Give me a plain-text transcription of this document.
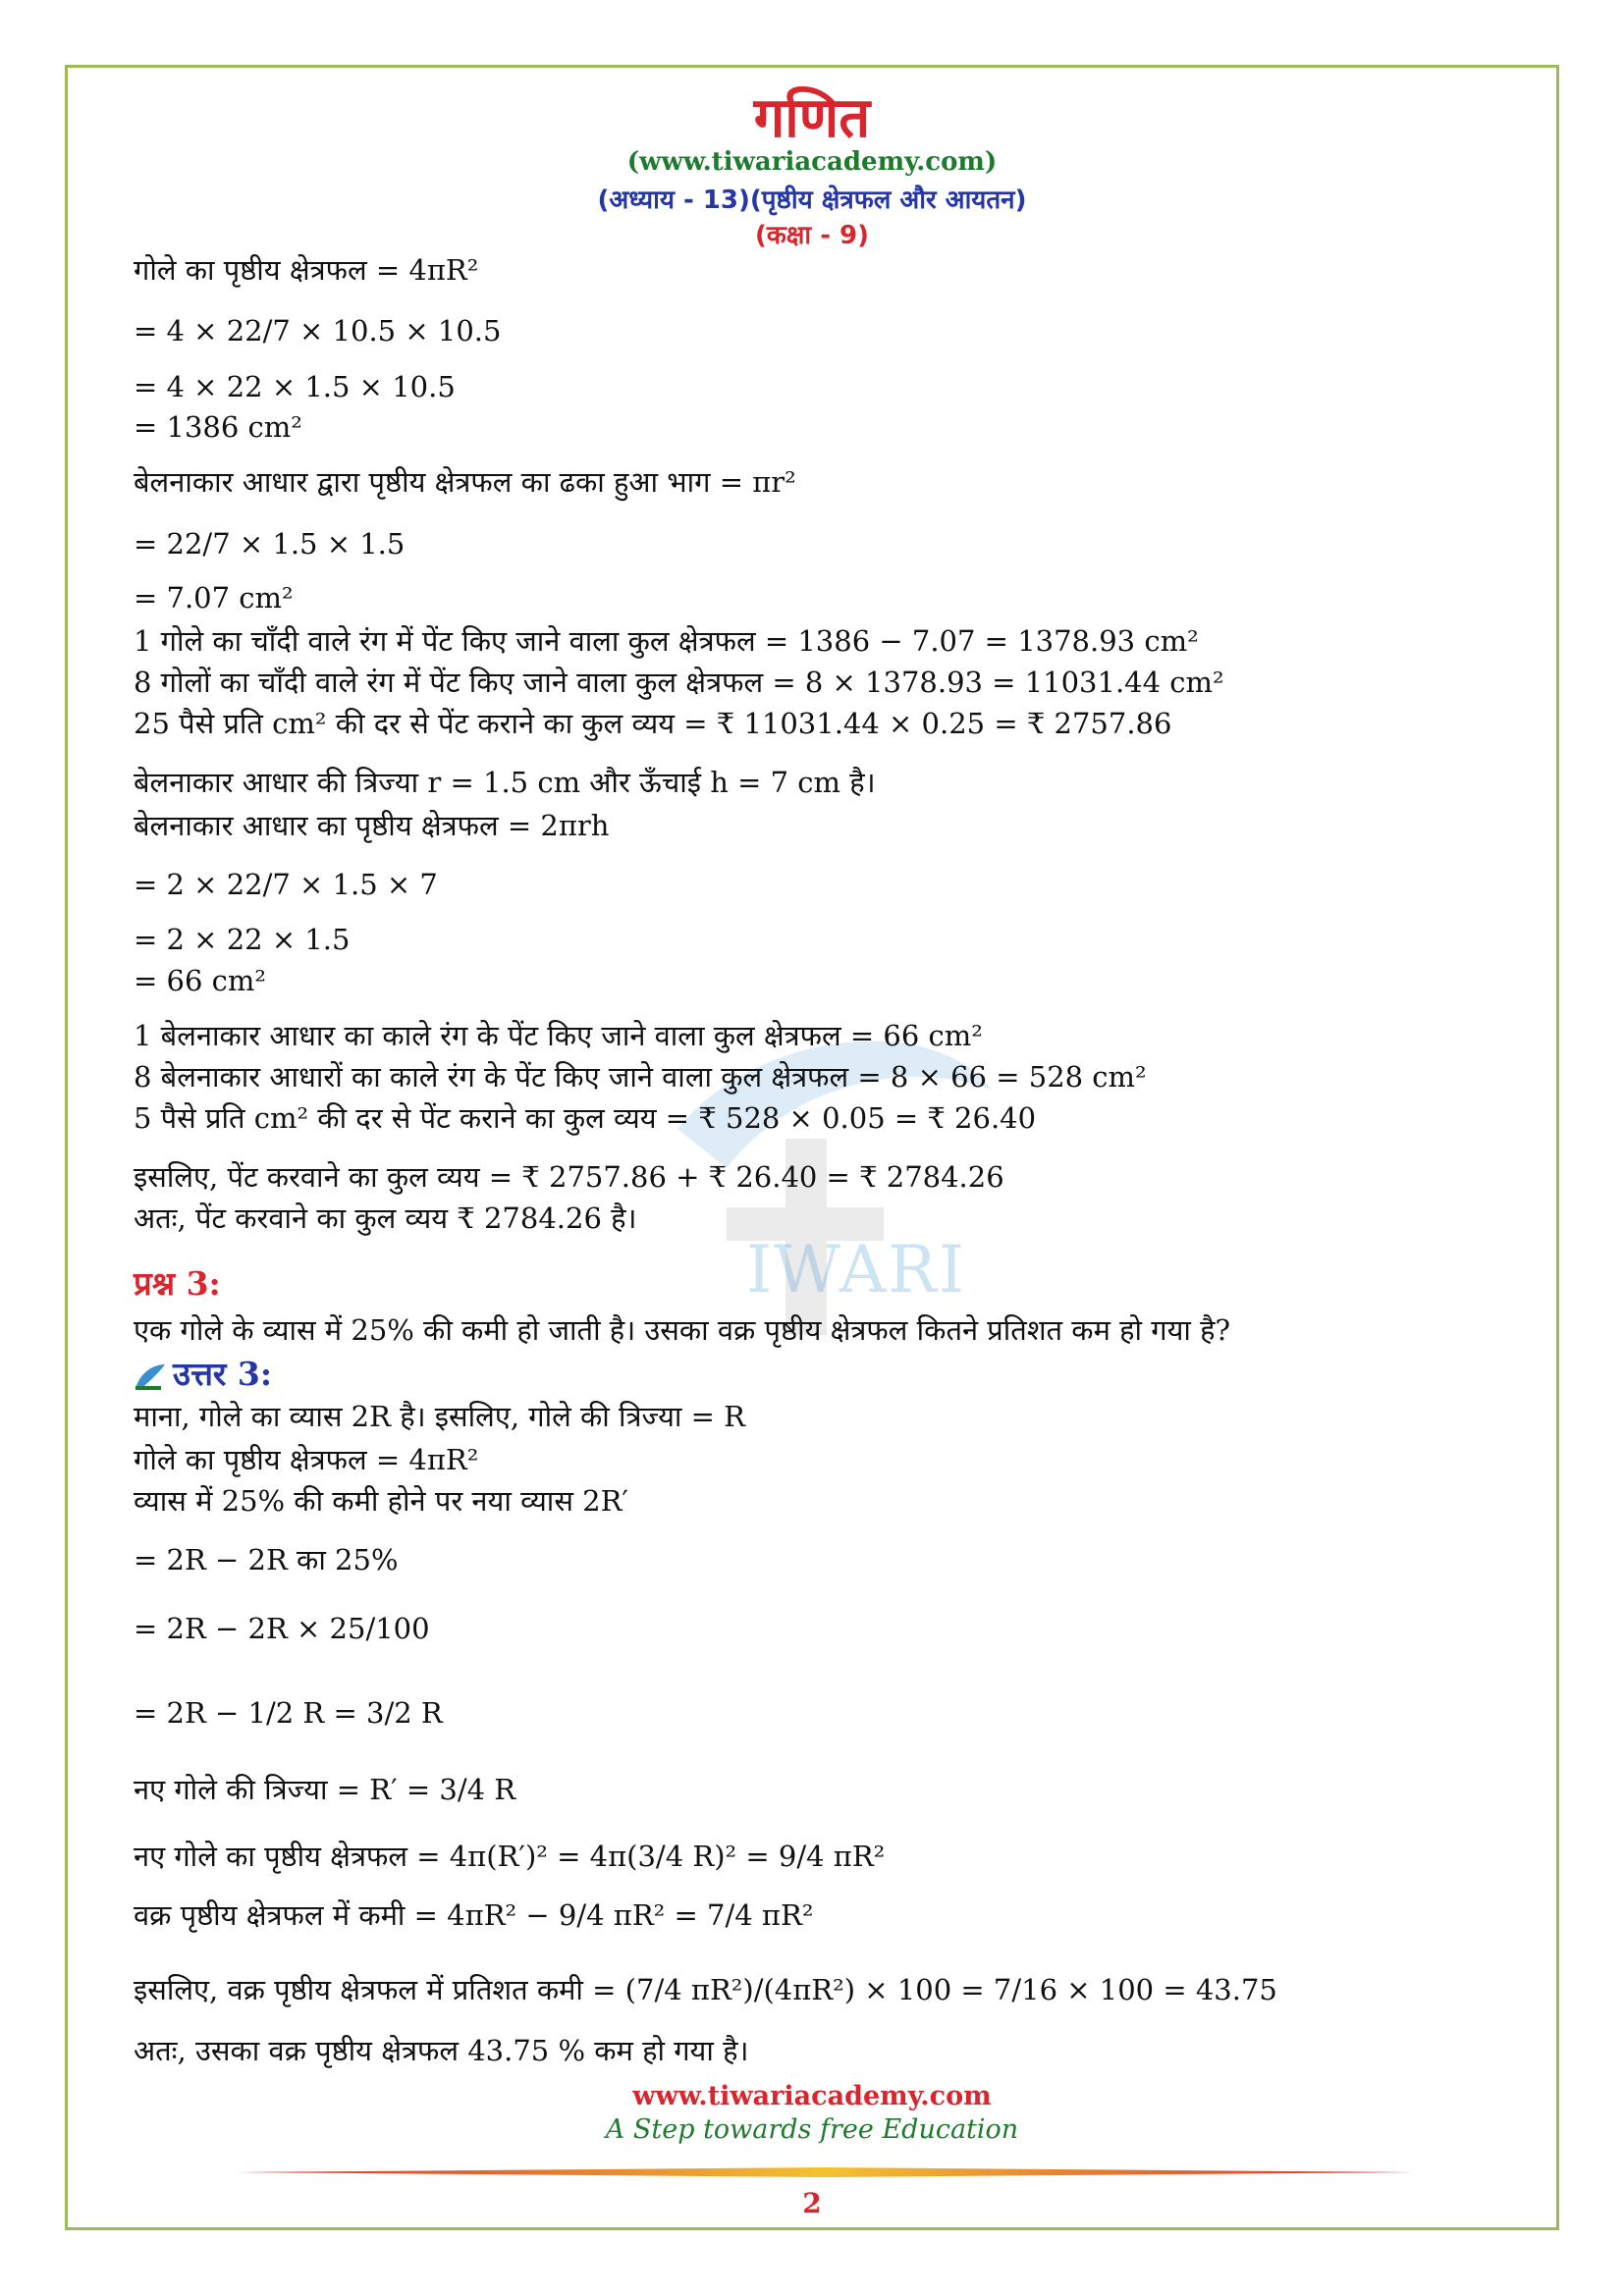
IWARI
गणित
(www.tiwariacademy.com)
(अध्याय - 13)(पृष्ठीय क्षेत्रफल और आयतन)
(कक्षा - 9)
गोले का पृष्ठीय क्षेत्रफल = 4πR²
= 4 × 22/7 × 10.5 × 10.5
= 4 × 22 × 1.5 × 10.5
= 1386 cm²
बेलनाकार आधार द्वारा पृष्ठीय क्षेत्रफल का ढका हुआ भाग = πr²
= 22/7 × 1.5 × 1.5
= 7.07 cm²
1 गोले का चाँदी वाले रंग में पेंट किए जाने वाला कुल क्षेत्रफल = 1386 − 7.07 = 1378.93 cm²
8 गोलों का चाँदी वाले रंग में पेंट किए जाने वाला कुल क्षेत्रफल = 8 × 1378.93 = 11031.44 cm²
25 पैसे प्रति cm² की दर से पेंट कराने का कुल व्यय = ₹ 11031.44 × 0.25 = ₹ 2757.86
बेलनाकार आधार की त्रिज्या r = 1.5 cm और ऊँचाई h = 7 cm है।
बेलनाकार आधार का पृष्ठीय क्षेत्रफल = 2πrh
= 2 × 22/7 × 1.5 × 7
= 2 × 22 × 1.5
= 66 cm²
1 बेलनाकार आधार का काले रंग के पेंट किए जाने वाला कुल क्षेत्रफल = 66 cm²
8 बेलनाकार आधारों का काले रंग के पेंट किए जाने वाला कुल क्षेत्रफल = 8 × 66 = 528 cm²
5 पैसे प्रति cm² की दर से पेंट कराने का कुल व्यय = ₹ 528 × 0.05 = ₹ 26.40
इसलिए, पेंट करवाने का कुल व्यय = ₹ 2757.86 + ₹ 26.40 = ₹ 2784.26
अतः, पेंट करवाने का कुल व्यय ₹ 2784.26 है।
प्रश्न 3:
एक गोले के व्यास में 25% की कमी हो जाती है। उसका वक्र पृष्ठीय क्षेत्रफल कितने प्रतिशत कम हो गया है?
उत्तर 3:
माना, गोले का व्यास 2R है। इसलिए, गोले की त्रिज्या = R
गोले का पृष्ठीय क्षेत्रफल = 4πR²
व्यास में 25% की कमी होने पर नया व्यास 2R′
= 2R − 2R का 25%
= 2R − 2R × 25/100
= 2R − 1/2 R = 3/2 R
नए गोले की त्रिज्या = R′ = 3/4 R
नए गोले का पृष्ठीय क्षेत्रफल = 4π(R′)² = 4π(3/4 R)² = 9/4 πR²
वक्र पृष्ठीय क्षेत्रफल में कमी = 4πR² − 9/4 πR² = 7/4 πR²
इसलिए, वक्र पृष्ठीय क्षेत्रफल में प्रतिशत कमी = (7/4 πR²)/(4πR²) × 100 = 7/16 × 100 = 43.75
अतः, उसका वक्र पृष्ठीय क्षेत्रफल 43.75 % कम हो गया है।
www.tiwariacademy.com
A Step towards free Education
2
